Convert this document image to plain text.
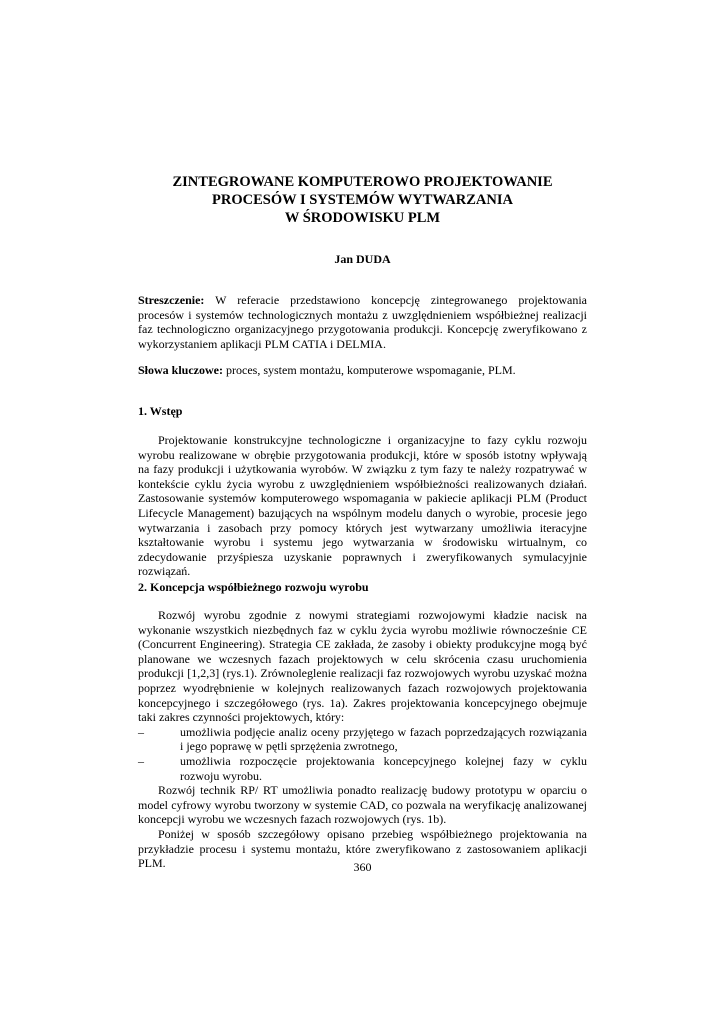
ZINTEGROWANE KOMPUTEROWO PROJEKTOWANIE
PROCESÓW I SYSTEMÓW WYTWARZANIA
W ŚRODOWISKU PLM
Jan DUDA

Streszczenie: W referacie przedstawiono koncepcję zintegrowanego projektowania procesów i systemów technologicznych montażu z uwzględnieniem współbieżnej realizacji faz technologiczno organizacyjnego przygotowania produkcji. Koncepcję zweryfikowano z wykorzystaniem aplikacji PLM CATIA i DELMIA.

Słowa kluczowe: proces, system montażu, komputerowe wspomaganie, PLM.

1. Wstęp

Projektowanie konstrukcyjne technologiczne i organizacyjne to fazy cyklu rozwoju wyrobu realizowane w obrębie przygotowania produkcji, które w sposób istotny wpływają na fazy produkcji i użytkowania wyrobów. W związku z tym fazy te należy rozpatrywać w kontekście cyklu życia wyrobu z uwzględnieniem współbieżności realizowanych działań. Zastosowanie systemów komputerowego wspomagania w pakiecie aplikacji PLM (Product Lifecycle Management) bazujących na wspólnym modelu danych o wyrobie, procesie jego wytwarzania i zasobach przy pomocy których jest wytwarzany umożliwia iteracyjne kształtowanie wyrobu i systemu jego wytwarzania w środowisku wirtualnym, co zdecydowanie przyśpiesza uzyskanie poprawnych i zweryfikowanych symulacyjnie rozwiązań.

2. Koncepcja współbieżnego rozwoju wyrobu

Rozwój wyrobu zgodnie z nowymi strategiami rozwojowymi kładzie nacisk na wykonanie wszystkich niezbędnych faz w cyklu życia wyrobu możliwie równocześnie CE (Concurrent Engineering). Strategia CE zakłada, że zasoby i obiekty produkcyjne mogą być planowane we wczesnych fazach projektowych w celu skrócenia czasu uruchomienia produkcji [1,2,3] (rys.1). Zrównoleglenie realizacji faz rozwojowych wyrobu uzyskać można poprzez wyodrębnienie w kolejnych realizowanych fazach rozwojowych projektowania koncepcyjnego i szczegółowego (rys. 1a). Zakres projektowania koncepcyjnego obejmuje taki zakres czynności projektowych, który:

–	umożliwia podjęcie analiz oceny przyjętego w fazach poprzedzających rozwiązania i jego poprawę w pętli sprzężenia zwrotnego,
–	umożliwia rozpoczęcie projektowania koncepcyjnego kolejnej fazy w cyklu rozwoju wyrobu.

Rozwój technik RP/ RT umożliwia ponadto realizację budowy prototypu w oparciu o model cyfrowy wyrobu tworzony w systemie CAD, co pozwala na weryfikację analizowanej koncepcji wyrobu we wczesnych fazach rozwojowych (rys. 1b).

Poniżej w sposób szczegółowy opisano przebieg współbieżnego projektowania na przykładzie procesu i systemu montażu, które zweryfikowano z zastosowaniem aplikacji PLM.	360
